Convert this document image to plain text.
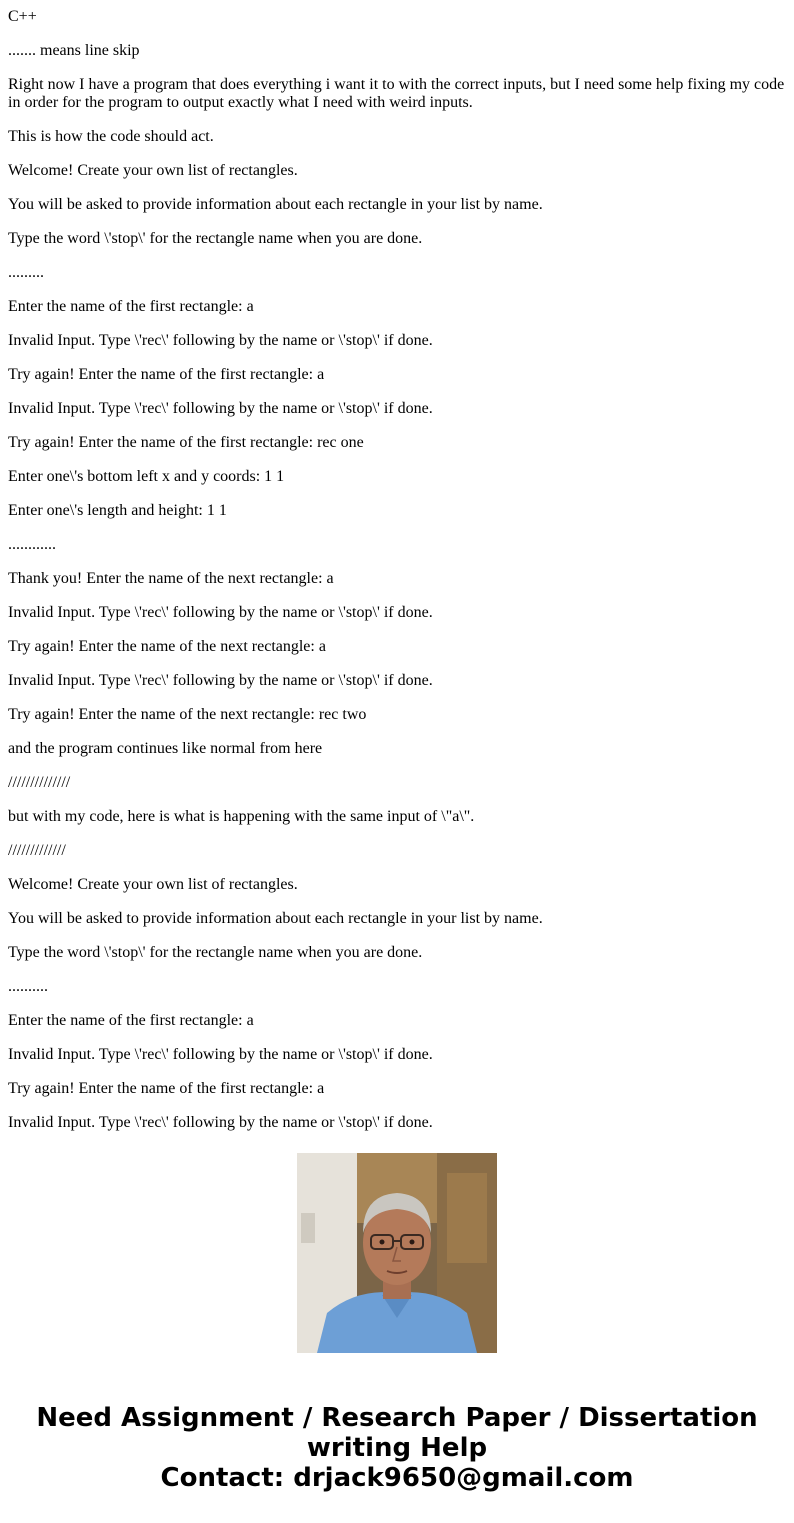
C++

....... means line skip

Right now I have a program that does everything i want it to with the correct inputs, but I need some help fixing my code in order for the program to output exactly what I need with weird inputs.

This is how the code should act.

Welcome! Create your own list of rectangles.

You will be asked to provide information about each rectangle in your list by name.

Type the word \'stop\' for the rectangle name when you are done.

.........

Enter the name of the first rectangle: a

Invalid Input. Type \'rec\' following by the name or \'stop\' if done.

Try again! Enter the name of the first rectangle: a

Invalid Input. Type \'rec\' following by the name or \'stop\' if done.

Try again! Enter the name of the first rectangle: rec one

Enter one\'s bottom left x and y coords: 1 1

Enter one\'s length and height: 1 1

............

Thank you! Enter the name of the next rectangle: a

Invalid Input. Type \'rec\' following by the name or \'stop\' if done.

Try again! Enter the name of the next rectangle: a

Invalid Input. Type \'rec\' following by the name or \'stop\' if done.

Try again! Enter the name of the next rectangle: rec two

and the program continues like normal from here

//////////////

but with my code, here is what is happening with the same input of \"a\".

/////////////

Welcome! Create your own list of rectangles.

You will be asked to provide information about each rectangle in your list by name.

Type the word \'stop\' for the rectangle name when you are done.

..........

Enter the name of the first rectangle: a

Invalid Input. Type \'rec\' following by the name or \'stop\' if done.

Try again! Enter the name of the first rectangle: a

Invalid Input. Type \'rec\' following by the name or \'stop\' if done.

Need Assignment / Research Paper / Dissertation
writing Help
Contact: drjack9650@gmail.com
